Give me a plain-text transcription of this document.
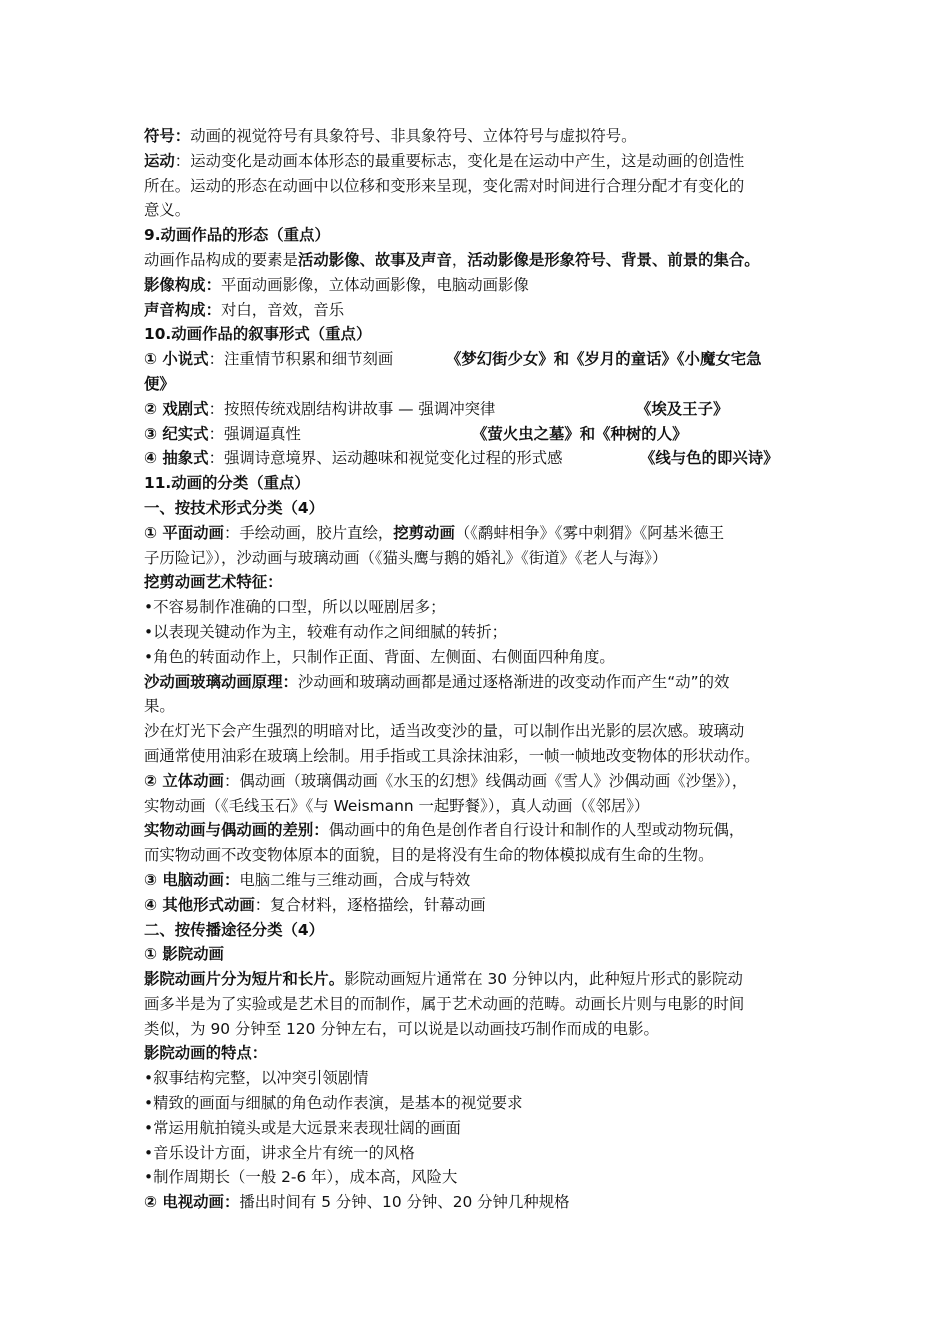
符号：动画的视觉符号有具象符号、非具象符号、立体符号与虚拟符号。
运动：运动变化是动画本体形态的最重要标志，变化是在运动中产生，这是动画的创造性
所在。运动的形态在动画中以位移和变形来呈现，变化需对时间进行合理分配才有变化的
意义。
9.动画作品的形态（重点）
动画作品构成的要素是活动影像、故事及声音，活动影像是形象符号、背景、前景的集合。
影像构成：平面动画影像，立体动画影像，电脑动画影像
声音构成：对白，音效，音乐
10.动画作品的叙事形式（重点）
① 小说式：注重情节积累和细节刻画	《梦幻街少女》和《岁月的童话》《小魔女宅急
便》
② 戏剧式：按照传统戏剧结构讲故事 — 强调冲突律	《埃及王子》
③ 纪实式：强调逼真性	《萤火虫之墓》和《种树的人》
④ 抽象式：强调诗意境界、运动趣味和视觉变化过程的形式感	《线与色的即兴诗》
11.动画的分类（重点）
一、按技术形式分类（4）
① 平面动画：手绘动画，胶片直绘，挖剪动画（《鹬蚌相争》《雾中刺猬》《阿基米德王
子历险记》），沙动画与玻璃动画（《猫头鹰与鹅的婚礼》《街道》《老人与海》）
挖剪动画艺术特征：
•不容易制作准确的口型，所以以哑剧居多；
•以表现关键动作为主，较难有动作之间细腻的转折；
•角色的转面动作上，只制作正面、背面、左侧面、右侧面四种角度。
沙动画玻璃动画原理：沙动画和玻璃动画都是通过逐格渐进的改变动作而产生“动”的效
果。
沙在灯光下会产生强烈的明暗对比，适当改变沙的量，可以制作出光影的层次感。玻璃动
画通常使用油彩在玻璃上绘制。用手指或工具涂抹油彩，一帧一帧地改变物体的形状动作。
② 立体动画：偶动画（玻璃偶动画《水玉的幻想》线偶动画《雪人》沙偶动画《沙堡》），
实物动画（《毛线玉石》《与 Weismann 一起野餐》），真人动画（《邻居》）
实物动画与偶动画的差别：偶动画中的角色是创作者自行设计和制作的人型或动物玩偶，
而实物动画不改变物体原本的面貌，目的是将没有生命的物体模拟成有生命的生物。
③ 电脑动画：电脑二维与三维动画，合成与特效
④ 其他形式动画：复合材料，逐格描绘，针幕动画
二、按传播途径分类（4）
① 影院动画
影院动画片分为短片和长片。影院动画短片通常在 30 分钟以内，此种短片形式的影院动
画多半是为了实验或是艺术目的而制作，属于艺术动画的范畴。动画长片则与电影的时间
类似，为 90 分钟至 120 分钟左右，可以说是以动画技巧制作而成的电影。
影院动画的特点：
•叙事结构完整，以冲突引领剧情
•精致的画面与细腻的角色动作表演，是基本的视觉要求
•常运用航拍镜头或是大远景来表现壮阔的画面
•音乐设计方面，讲求全片有统一的风格
•制作周期长（一般 2-6 年），成本高，风险大
② 电视动画：播出时间有 5 分钟、10 分钟、20 分钟几种规格
